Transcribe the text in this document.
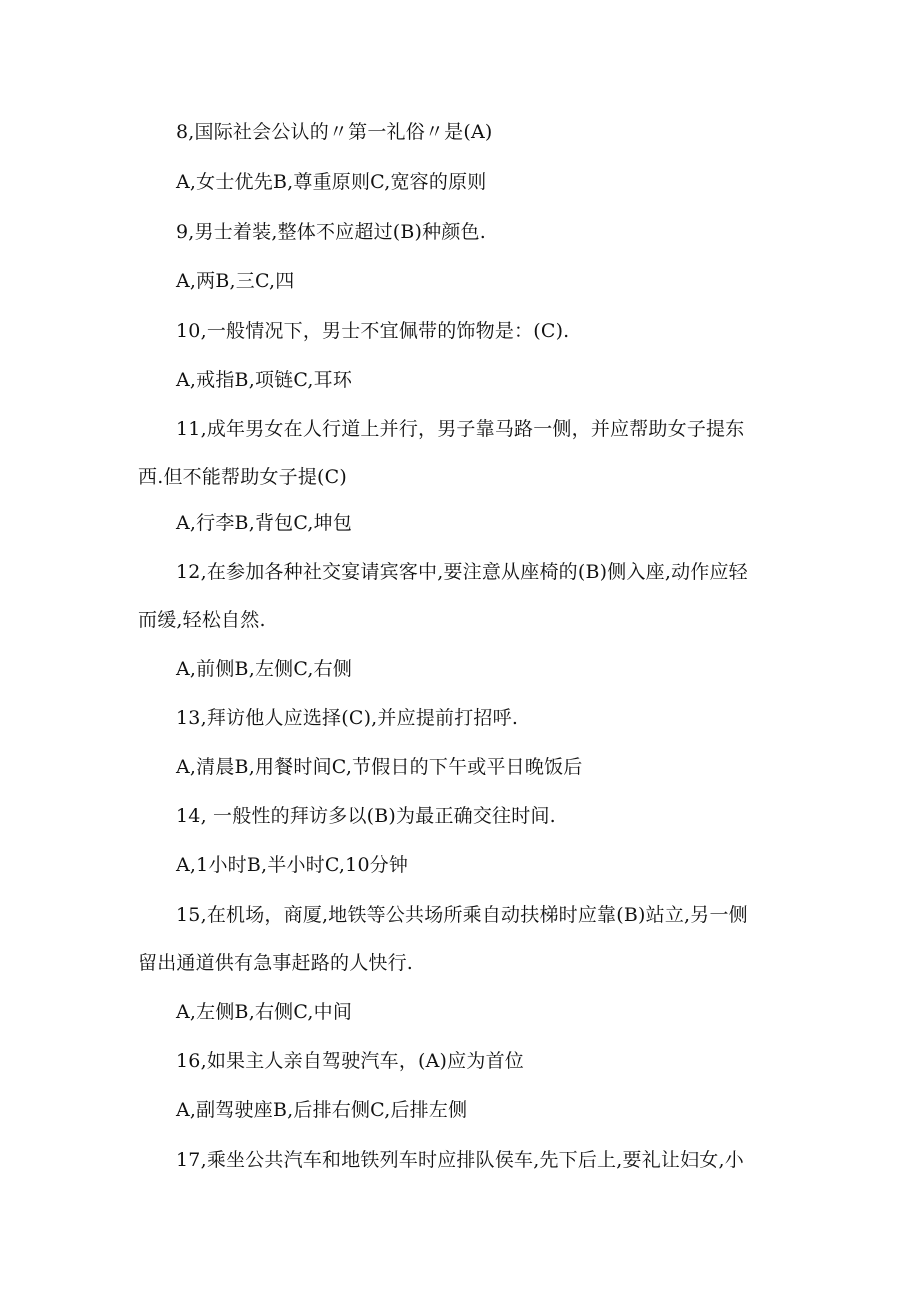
8,国际社会公认的〃第一礼俗〃是(A)
A,女士优先B,尊重原则C,宽容的原则
9,男士着装,整体不应超过(B)种颜色.
A,两B,三C,四
10,一般情况下，男士不宜佩带的饰物是：(C).
A,戒指B,项链C,耳环
11,成年男女在人行道上并行，男子靠马路一侧，并应帮助女子提东
西.但不能帮助女子提(C)
A,行李B,背包C,坤包
12,在参加各种社交宴请宾客中,要注意从座椅的(B)侧入座,动作应轻
而缓,轻松自然.
A,前侧B,左侧C,右侧
13,拜访他人应选择(C),并应提前打招呼.
A,清晨B,用餐时间C,节假日的下午或平日晚饭后
14, 一般性的拜访多以(B)为最正确交往时间.
A,1小时B,半小时C,10分钟
15,在机场，商厦,地铁等公共场所乘自动扶梯时应靠(B)站立,另一侧
留出通道供有急事赶路的人快行.
A,左侧B,右侧C,中间
16,如果主人亲自驾驶汽车，(A)应为首位
A,副驾驶座B,后排右侧C,后排左侧
17,乘坐公共汽车和地铁列车时应排队侯车,先下后上,要礼让妇女,小
